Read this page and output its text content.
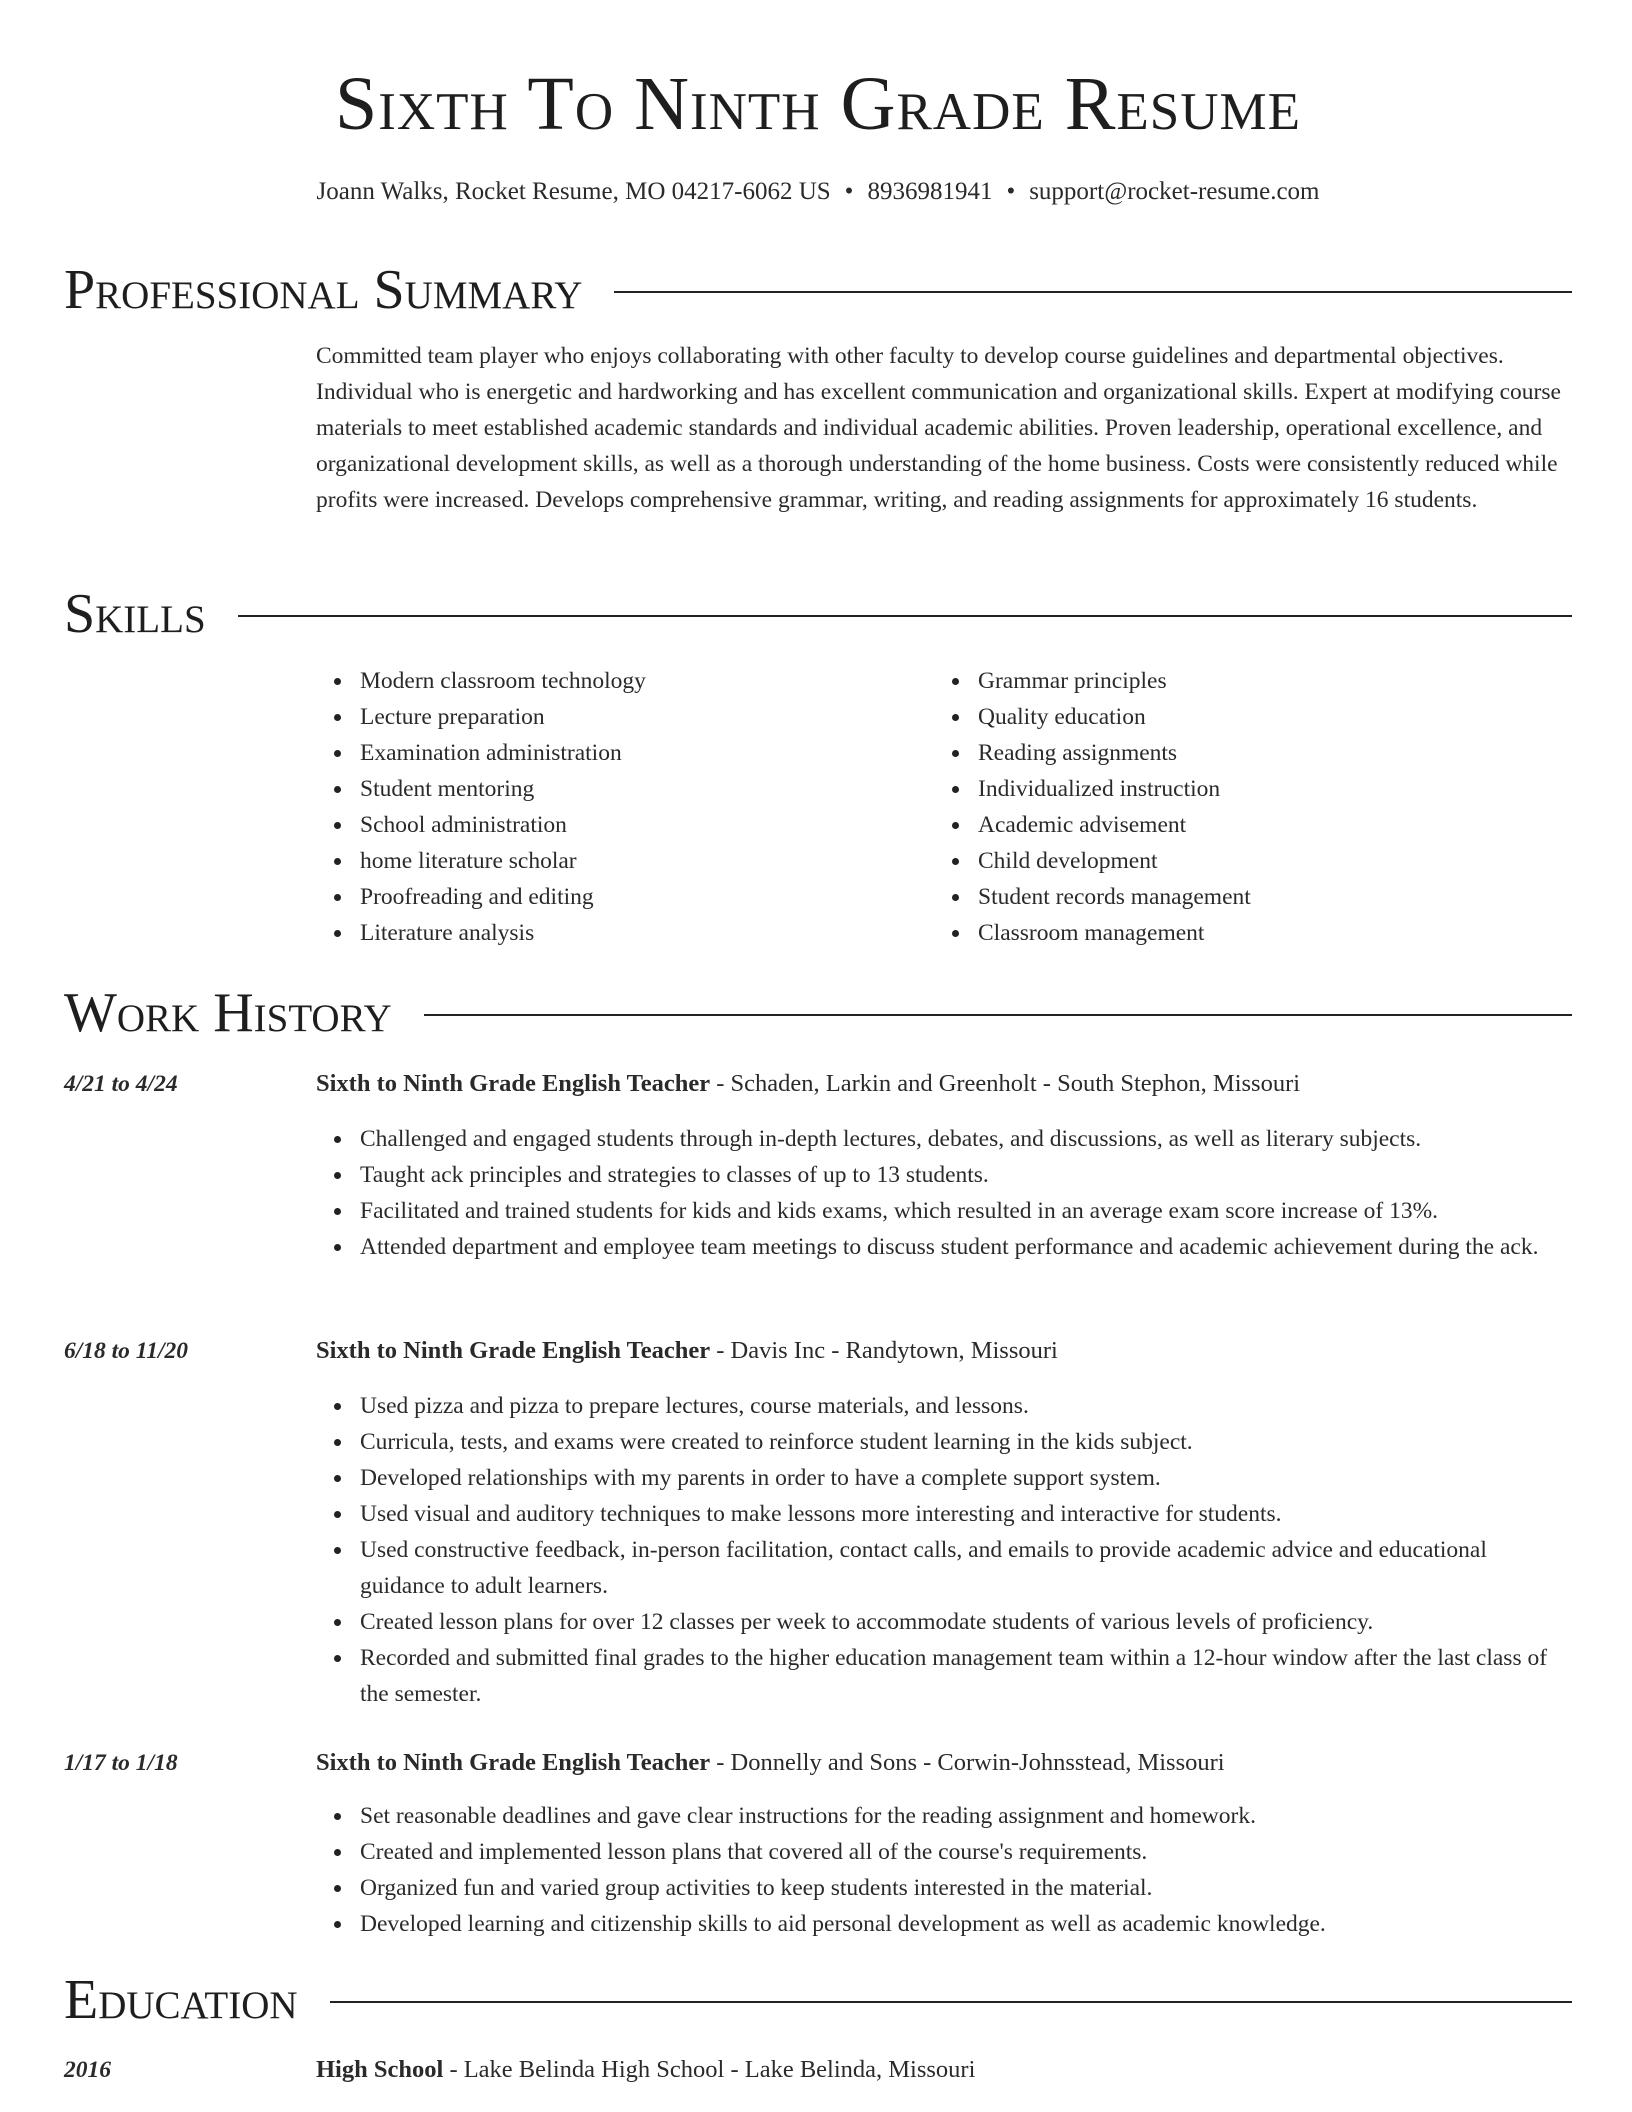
Sixth To Ninth Grade Resume
Joann Walks, Rocket Resume, MO 04217-6062 US • 8936981941 • support@rocket-resume.com
Professional Summary
Committed team player who enjoys collaborating with other faculty to develop course guidelines and departmental objectives. Individual who is energetic and hardworking and has excellent communication and organizational skills. Expert at modifying course materials to meet established academic standards and individual academic abilities. Proven leadership, operational excellence, and organizational development skills, as well as a thorough understanding of the home business. Costs were consistently reduced while profits were increased. Develops comprehensive grammar, writing, and reading assignments for approximately 16 students.
Skills
Modern classroom technology
Lecture preparation
Examination administration
Student mentoring
School administration
home literature scholar
Proofreading and editing
Literature analysis
Grammar principles
Quality education
Reading assignments
Individualized instruction
Academic advisement
Child development
Student records management
Classroom management
Work History
4/21 to 4/24	Sixth to Ninth Grade English Teacher - Schaden, Larkin and Greenholt - South Stephon, Missouri
Challenged and engaged students through in-depth lectures, debates, and discussions, as well as literary subjects.
Taught ack principles and strategies to classes of up to 13 students.
Facilitated and trained students for kids and kids exams, which resulted in an average exam score increase of 13%.
Attended department and employee team meetings to discuss student performance and academic achievement during the ack.
6/18 to 11/20	Sixth to Ninth Grade English Teacher - Davis Inc - Randytown, Missouri
Used pizza and pizza to prepare lectures, course materials, and lessons.
Curricula, tests, and exams were created to reinforce student learning in the kids subject.
Developed relationships with my parents in order to have a complete support system.
Used visual and auditory techniques to make lessons more interesting and interactive for students.
Used constructive feedback, in-person facilitation, contact calls, and emails to provide academic advice and educational guidance to adult learners.
Created lesson plans for over 12 classes per week to accommodate students of various levels of proficiency.
Recorded and submitted final grades to the higher education management team within a 12-hour window after the last class of the semester.
1/17 to 1/18	Sixth to Ninth Grade English Teacher - Donnelly and Sons - Corwin-Johnsstead, Missouri
Set reasonable deadlines and gave clear instructions for the reading assignment and homework.
Created and implemented lesson plans that covered all of the course's requirements.
Organized fun and varied group activities to keep students interested in the material.
Developed learning and citizenship skills to aid personal development as well as academic knowledge.
Education
2016	High School - Lake Belinda High School - Lake Belinda, Missouri
